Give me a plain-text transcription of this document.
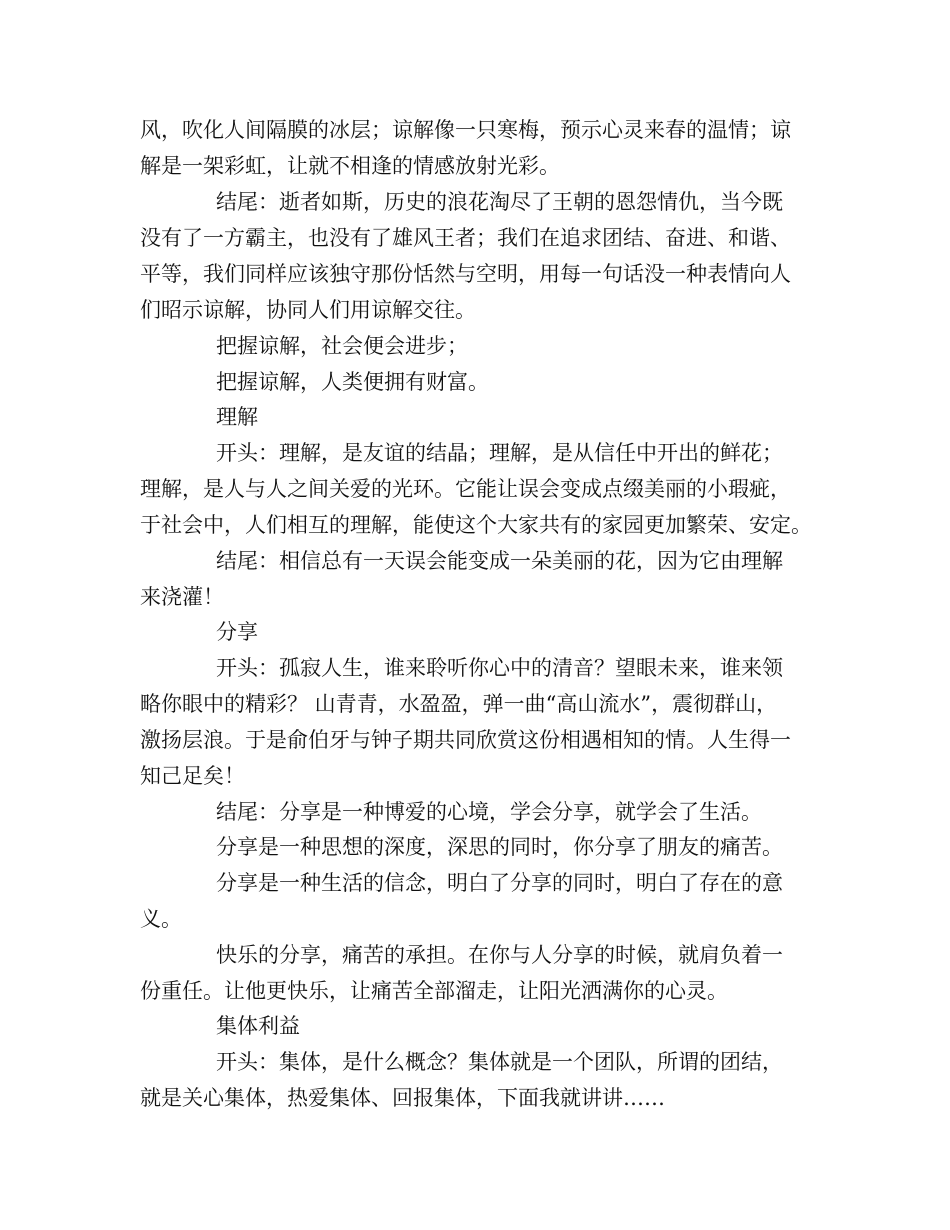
风，吹化人间隔膜的冰层；谅解像一只寒梅，预示心灵来春的温情；谅
解是一架彩虹，让就不相逢的情感放射光彩。
结尾：逝者如斯，历史的浪花淘尽了王朝的恩怨情仇，当今既
没有了一方霸主，也没有了雄风王者；我们在追求团结、奋进、和谐、
平等，我们同样应该独守那份恬然与空明，用每一句话没一种表情向人
们昭示谅解，协同人们用谅解交往。
把握谅解，社会便会进步；
把握谅解，人类便拥有财富。
理解
开头：理解，是友谊的结晶；理解，是从信任中开出的鲜花；
理解，是人与人之间关爱的光环。它能让误会变成点缀美丽的小瑕疵，
于社会中，人们相互的理解，能使这个大家共有的家园更加繁荣、安定。
结尾：相信总有一天误会能变成一朵美丽的花，因为它由理解
来浇灌！
分享
开头：孤寂人生，谁来聆听你心中的清音？望眼未来，谁来领
略你眼中的精彩？ 山青青，水盈盈，弹一曲“高山流水”，震彻群山，
激扬层浪。于是俞伯牙与钟子期共同欣赏这份相遇相知的情。人生得一
知己足矣！
结尾：分享是一种博爱的心境，学会分享，就学会了生活。
分享是一种思想的深度，深思的同时，你分享了朋友的痛苦。
分享是一种生活的信念，明白了分享的同时，明白了存在的意
义。
快乐的分享，痛苦的承担。在你与人分享的时候，就肩负着一
份重任。让他更快乐，让痛苦全部溜走，让阳光洒满你的心灵。
集体利益
开头：集体，是什么概念？集体就是一个团队，所谓的团结，
就是关心集体，热爱集体、回报集体，下面我就讲讲……
